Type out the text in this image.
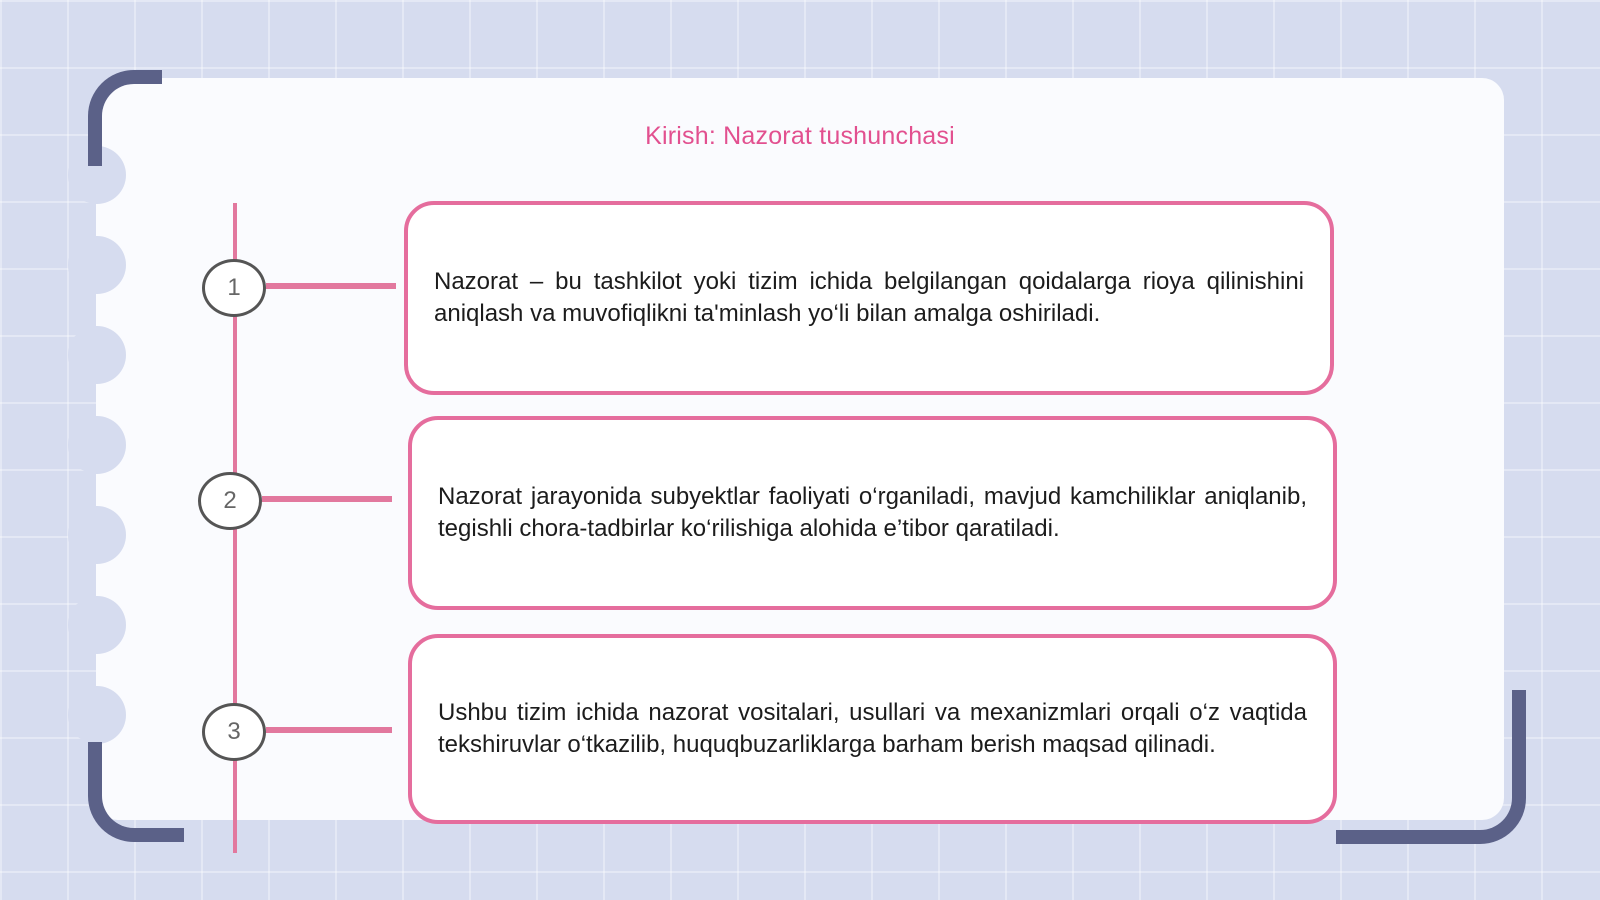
Kirish: Nazorat tushunchasi
1	Nazorat – bu tashkilot yoki tizim ichida belgilangan qoidalarga rioya qilinishini aniqlash va muvofiqlikni ta'minlash yo‘li bilan amalga oshiriladi.
2	Nazorat jarayonida subyektlar faoliyati o‘rganiladi, mavjud kamchiliklar aniqlanib, tegishli chora-tadbirlar ko‘rilishiga alohida e’tibor qaratiladi.
3
Ushbu tizim ichida nazorat vositalari, usullari va mexanizmlari orqali o‘z vaqtida tekshiruvlar o‘tkazilib, huquqbuzarliklarga barham berish maqsad qilinadi.
